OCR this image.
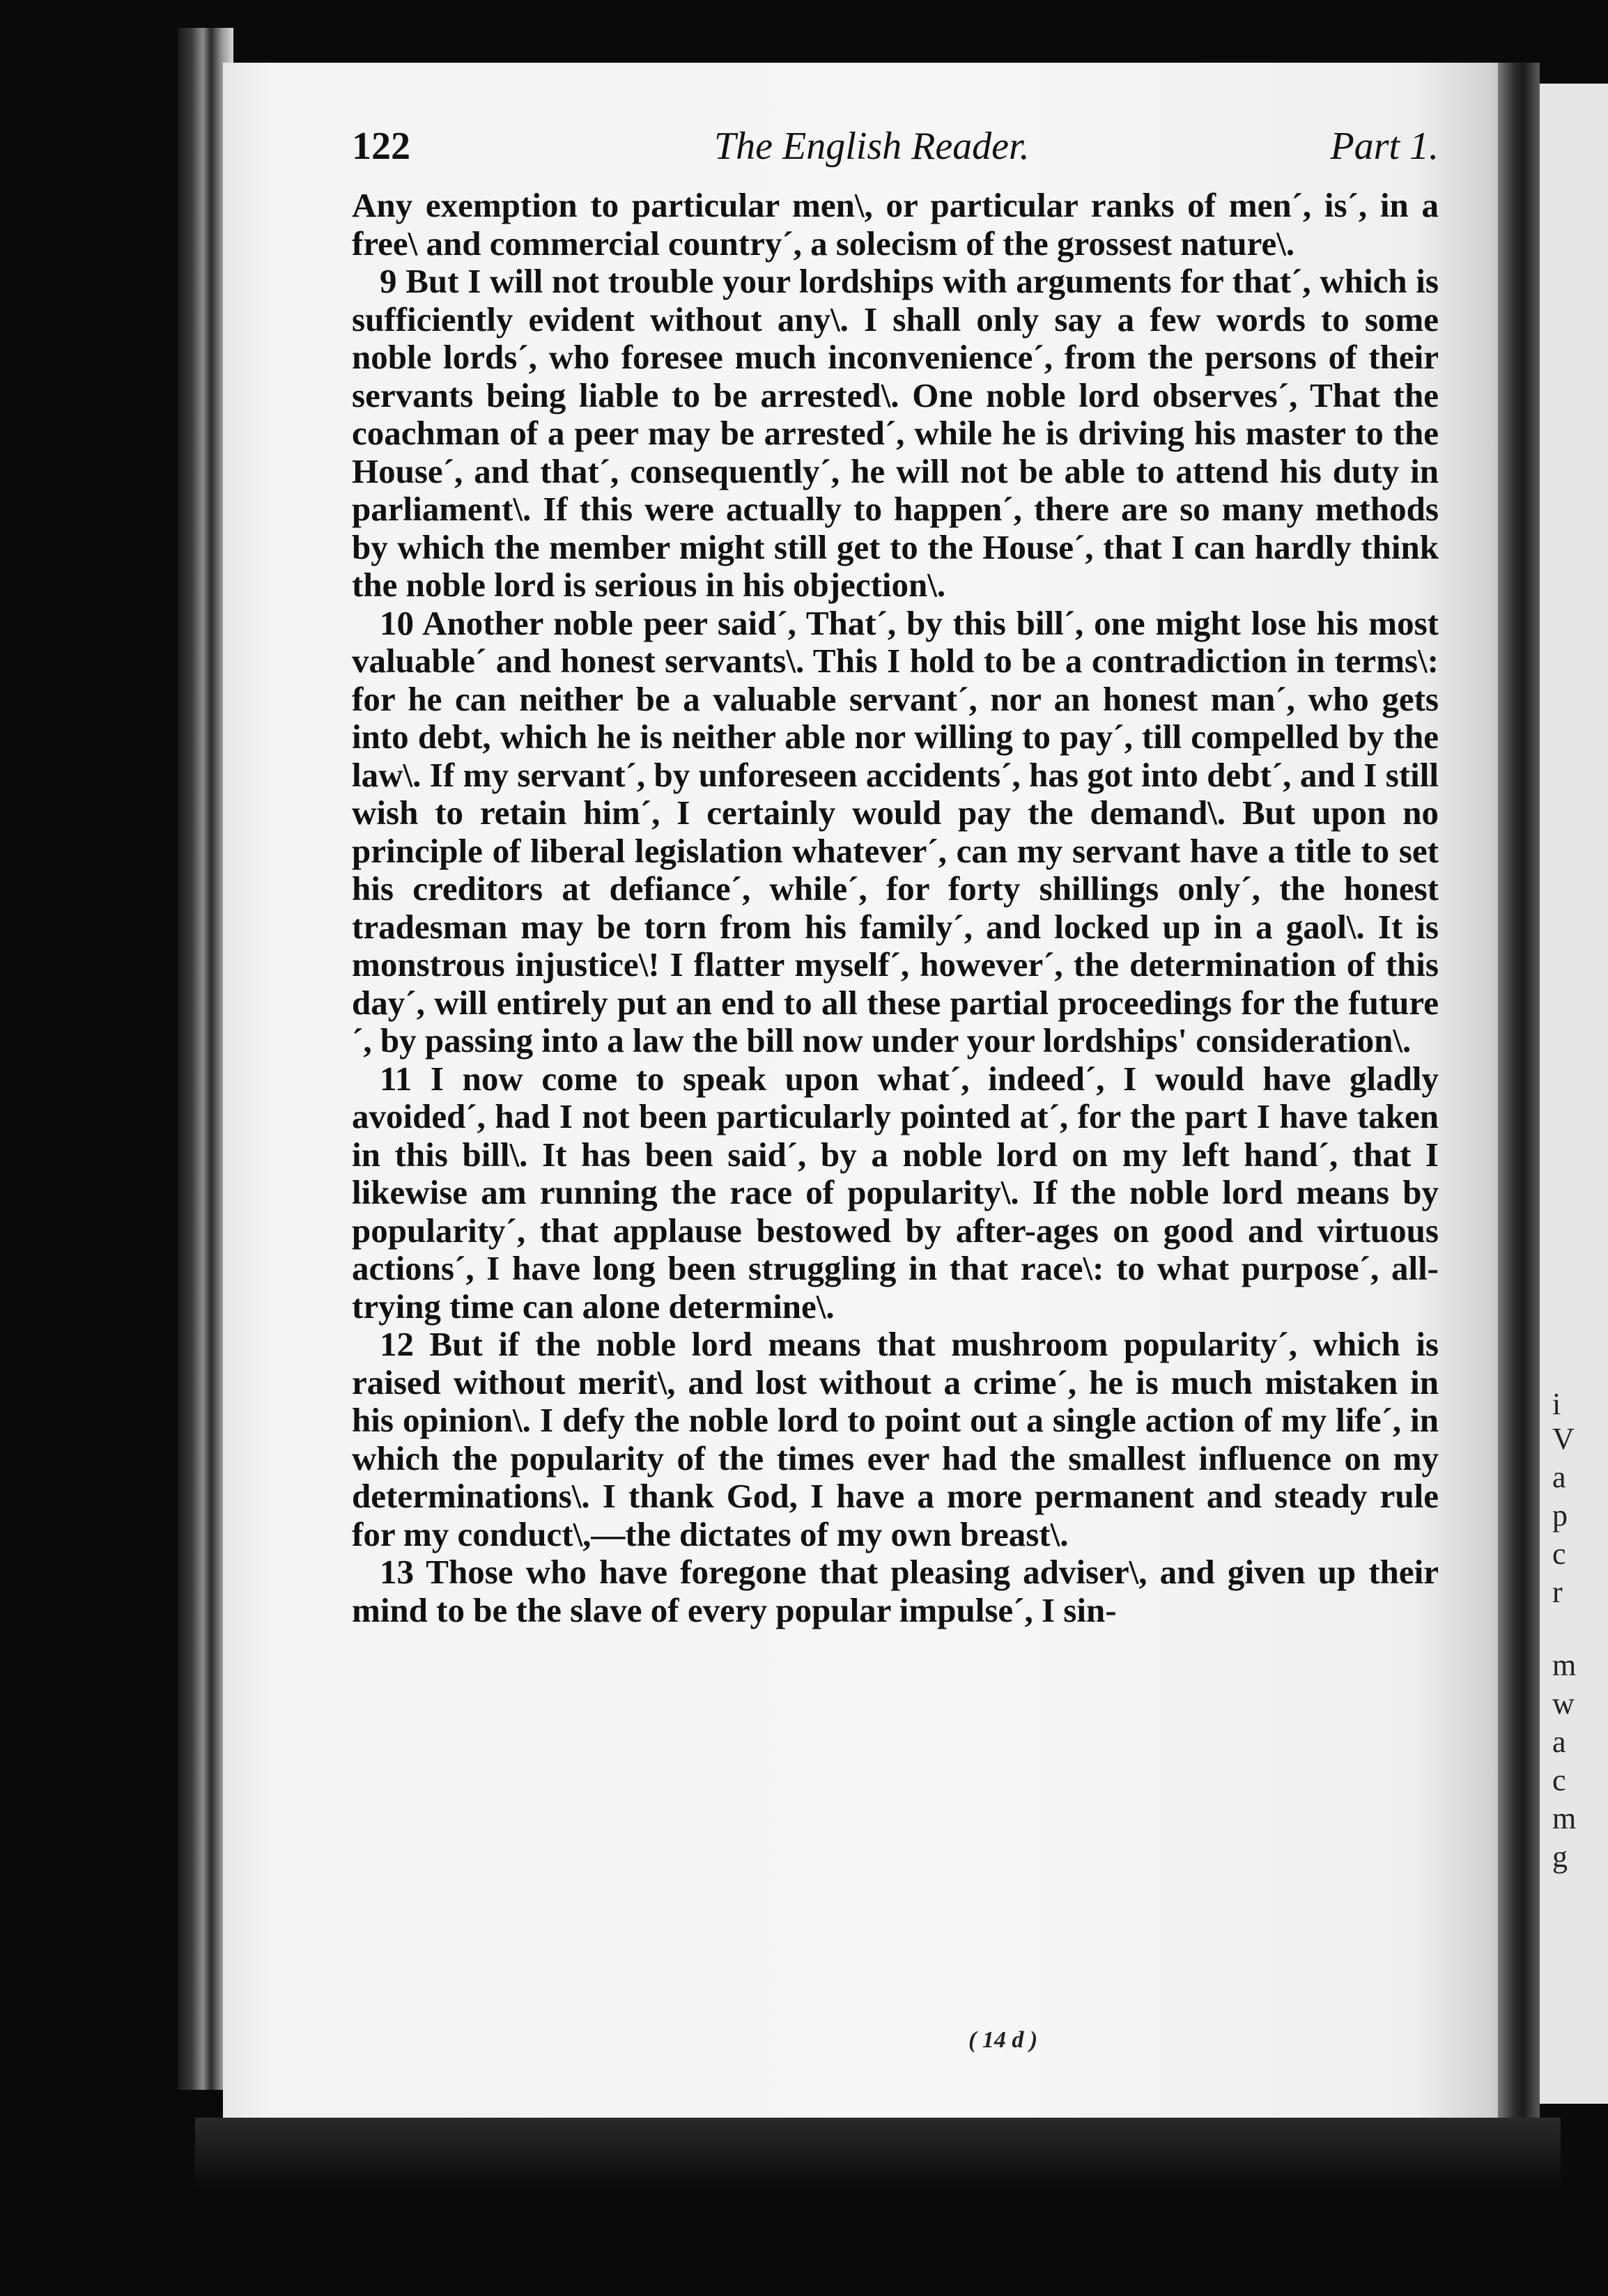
i
V
a
p
c
r
m
w
a
c
m
g
122	The English Reader.	Part 1.

Any exemption to particular men\, or particular ranks of men´, is´, in a free\ and commercial country´, a solecism of the grossest nature\.

9 But I will not trouble your lordships with arguments for that´, which is sufficiently evident without any\. I shall only say a few words to some noble lords´, who foresee much inconvenience´, from the persons of their servants being liable to be arrested\. One noble lord observes´, That the coachman of a peer may be arrested´, while he is driving his master to the House´, and that´, consequently´, he will not be able to attend his duty in parliament\. If this were actually to happen´, there are so many methods by which the member might still get to the House´, that I can hardly think the noble lord is serious in his objection\.

10 Another noble peer said´, That´, by this bill´, one might lose his most valuable´ and honest servants\. This I hold to be a contradiction in terms\: for he can neither be a valuable servant´, nor an honest man´, who gets into debt, which he is neither able nor willing to pay´, till compelled by the law\. If my servant´, by unforeseen accidents´, has got into debt´, and I still wish to retain him´, I certainly would pay the demand\. But upon no principle of liberal legislation whatever´, can my servant have a title to set his creditors at defiance´, while´, for forty shillings only´, the honest tradesman may be torn from his family´, and locked up in a gaol\. It is monstrous injustice\! I flatter myself´, however´, the determination of this day´, will entirely put an end to all these partial proceedings for the future´, by passing into a law the bill now under your lordships' consideration\.

11 I now come to speak upon what´, indeed´, I would have gladly avoided´, had I not been particularly pointed at´, for the part I have taken in this bill\. It has been said´, by a noble lord on my left hand´, that I likewise am running the race of popularity\. If the noble lord means by popularity´, that applause bestowed by after-ages on good and virtuous actions´, I have long been struggling in that race\: to what purpose´, all-trying time can alone determine\.

12 But if the noble lord means that mushroom popularity´, which is raised without merit\, and lost without a crime´, he is much mistaken in his opinion\. I defy the noble lord to point out a single action of my life´, in which the popularity of the times ever had the smallest influence on my determinations\. I thank God, I have a more permanent and steady rule for my conduct\,—the dictates of my own breast\.

13 Those who have foregone that pleasing adviser\, and given up their mind to be the slave of every popular impulse´, I sin-

( 14 d )
